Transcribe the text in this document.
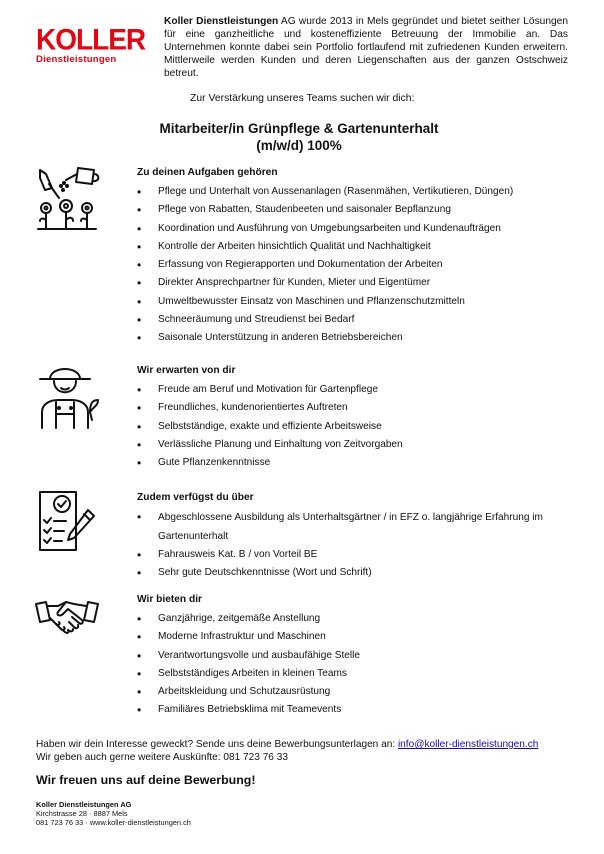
KOLLER
Dienstleistungen
Koller Dienstleistungen AG wurde 2013 in Mels gegründet und bietet seither Lösungen für eine ganzheitliche und kosteneffiziente Betreuung der Immobilie an. Das Unternehmen konnte dabei sein Portfolio fortlaufend mit zufriedenen Kunden erweitern. Mittlerweile werden Kunden und deren Liegenschaften aus der ganzen Ostschweiz betreut.
Zur Verstärkung unseres Teams suchen wir dich:
Mitarbeiter/in Grünpflege & Gartenunterhalt
(m/w/d) 100%
Zu deinen Aufgaben gehören
• Pflege und Unterhalt von Aussenanlagen (Rasenmähen, Vertikutieren, Düngen)
• Pflege von Rabatten, Staudenbeeten und saisonaler Bepflanzung
• Koordination und Ausführung von Umgebungsarbeiten und Kundenaufträgen
• Kontrolle der Arbeiten hinsichtlich Qualität und Nachhaltigkeit
• Erfassung von Regierapporten und Dokumentation der Arbeiten
• Direkter Ansprechpartner für Kunden, Mieter und Eigentümer
• Umweltbewusster Einsatz von Maschinen und Pflanzenschutzmitteln
• Schneeräumung und Streudienst bei Bedarf
• Saisonale Unterstützung in anderen Betriebsbereichen
Wir erwarten von dir
• Freude am Beruf und Motivation für Gartenpflege
• Freundliches, kundenorientiertes Auftreten
• Selbstständige, exakte und effiziente Arbeitsweise
• Verlässliche Planung und Einhaltung von Zeitvorgaben
• Gute Pflanzenkenntnisse
Zudem verfügst du über
• Abgeschlossene Ausbildung als Unterhaltsgärtner / in EFZ o. langjährige Erfahrung im Gartenunterhalt
• Fahrausweis Kat. B / von Vorteil BE
• Sehr gute Deutschkenntnisse (Wort und Schrift)
Wir bieten dir
• Ganzjährige, zeitgemäße Anstellung
• Moderne Infrastruktur und Maschinen
• Verantwortungsvolle und ausbaufähige Stelle
• Selbstständiges Arbeiten in kleinen Teams
• Arbeitskleidung und Schutzausrüstung
• Familiäres Betriebsklima mit Teamevents
Haben wir dein Interesse geweckt? Sende uns deine Bewerbungsunterlagen an: info@koller-dienstleistungen.ch
Wir geben auch gerne weitere Auskünfte: 081 723 76 33
Wir freuen uns auf deine Bewerbung!
Koller Dienstleistungen AG
Kirchstrasse 28 · 8887 Mels
081 723 76 33 · www.koller-dienstleistungen.ch
